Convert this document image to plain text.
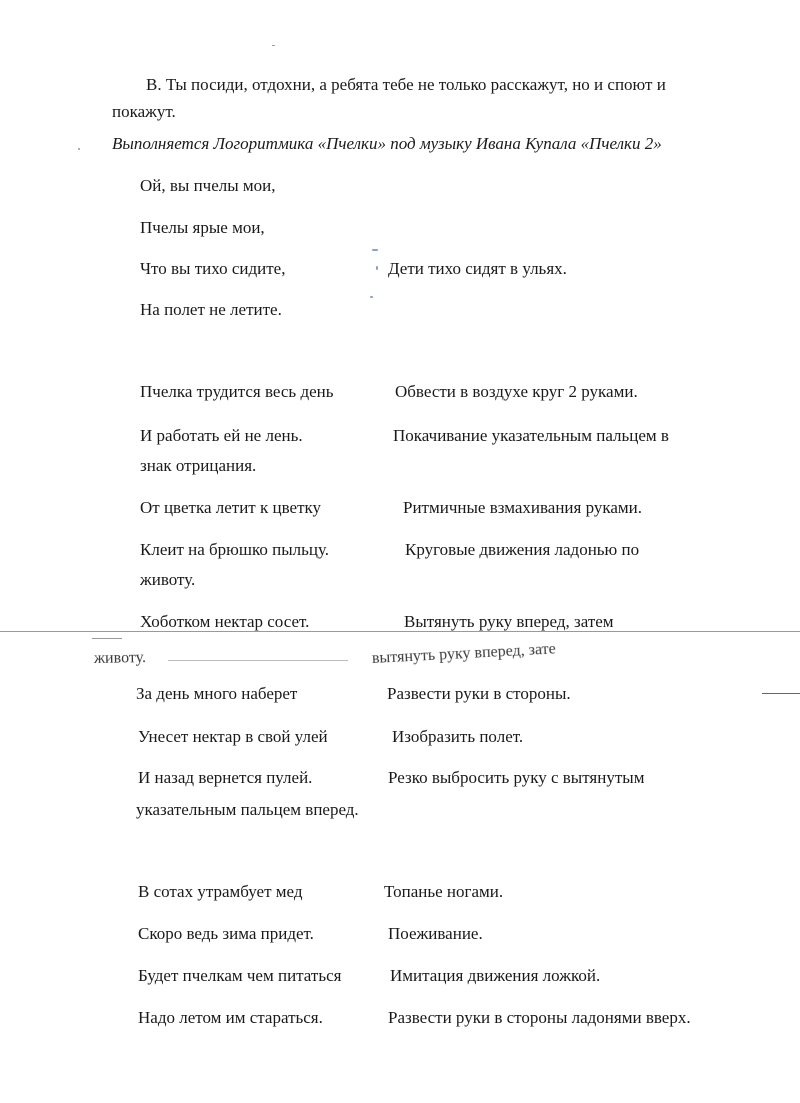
В. Ты посиди, отдохни, а ребята тебе не только расскажут, но и споют и
покажут.
Выполняется Логоритмика «Пчелки» под музыку Ивана Купала «Пчелки 2»
Ой, вы пчелы мои,
Пчелы ярые мои,
Что вы тихо сидите,	Дети тихо сидят в ульях.
На полет не летите.
Пчелка трудится весь день	Обвести в воздухе круг 2 руками.
И работать ей не лень.	Покачивание указательным пальцем в
знак отрицания.
От цветка летит к цветку	Ритмичные взмахивания руками.
Клеит на брюшко пыльцу.	Круговые движения ладонью по
животу.
Хоботком нектар сосет.	Вытянуть руку вперед, затем
животу.	вытянуть руку вперед, зате
За день много наберет	Развести руки в стороны.
Унесет нектар в свой улей	Изобразить полет.
И назад вернется пулей.	Резко выбросить руку с вытянутым
указательным пальцем вперед.
В сотах утрамбует мед	Топанье ногами.
Скоро ведь зима придет.	Поеживание.
Будет пчелкам чем питаться	Имитация движения ложкой.
Надо летом им стараться.	Развести руки в стороны ладонями вверх.
